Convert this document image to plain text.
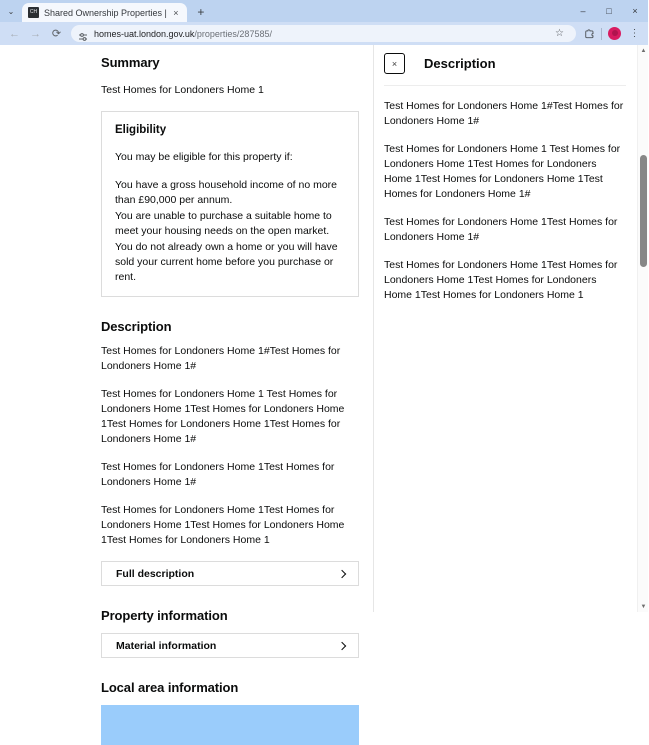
⌄	CH Shared Ownership Properties | ×	+	–	□	×
← → ⟳	homes-uat.london.gov.uk/properties/287585/	☆	⋮
Summary

Test Homes for Londoners Home 1

Eligibility

You may be eligible for this property if:

You have a gross household income of no more than £90,000 per annum.

You are unable to purchase a suitable home to meet your housing needs on the open market.

You do not already own a home or you will have sold your current home before you purchase or rent.

Description

Test Homes for Londoners Home 1#Test Homes for Londoners Home 1#

Test Homes for Londoners Home 1 Test Homes for Londoners Home 1Test Homes for Londoners Home 1Test Homes for Londoners Home 1Test Homes for Londoners Home 1#

Test Homes for Londoners Home 1Test Homes for Londoners Home 1#

Test Homes for Londoners Home 1Test Homes for Londoners Home 1Test Homes for Londoners Home 1Test Homes for Londoners Home 1

Full description
Property information
Material information
Local area information
×	Description

Test Homes for Londoners Home 1#Test Homes for Londoners Home 1#

Test Homes for Londoners Home 1 Test Homes for Londoners Home 1Test Homes for Londoners Home 1Test Homes for Londoners Home 1Test Homes for Londoners Home 1#

Test Homes for Londoners Home 1Test Homes for Londoners Home 1#

Test Homes for Londoners Home 1Test Homes for Londoners Home 1Test Homes for Londoners Home 1Test Homes for Londoners Home 1

▲
▼
